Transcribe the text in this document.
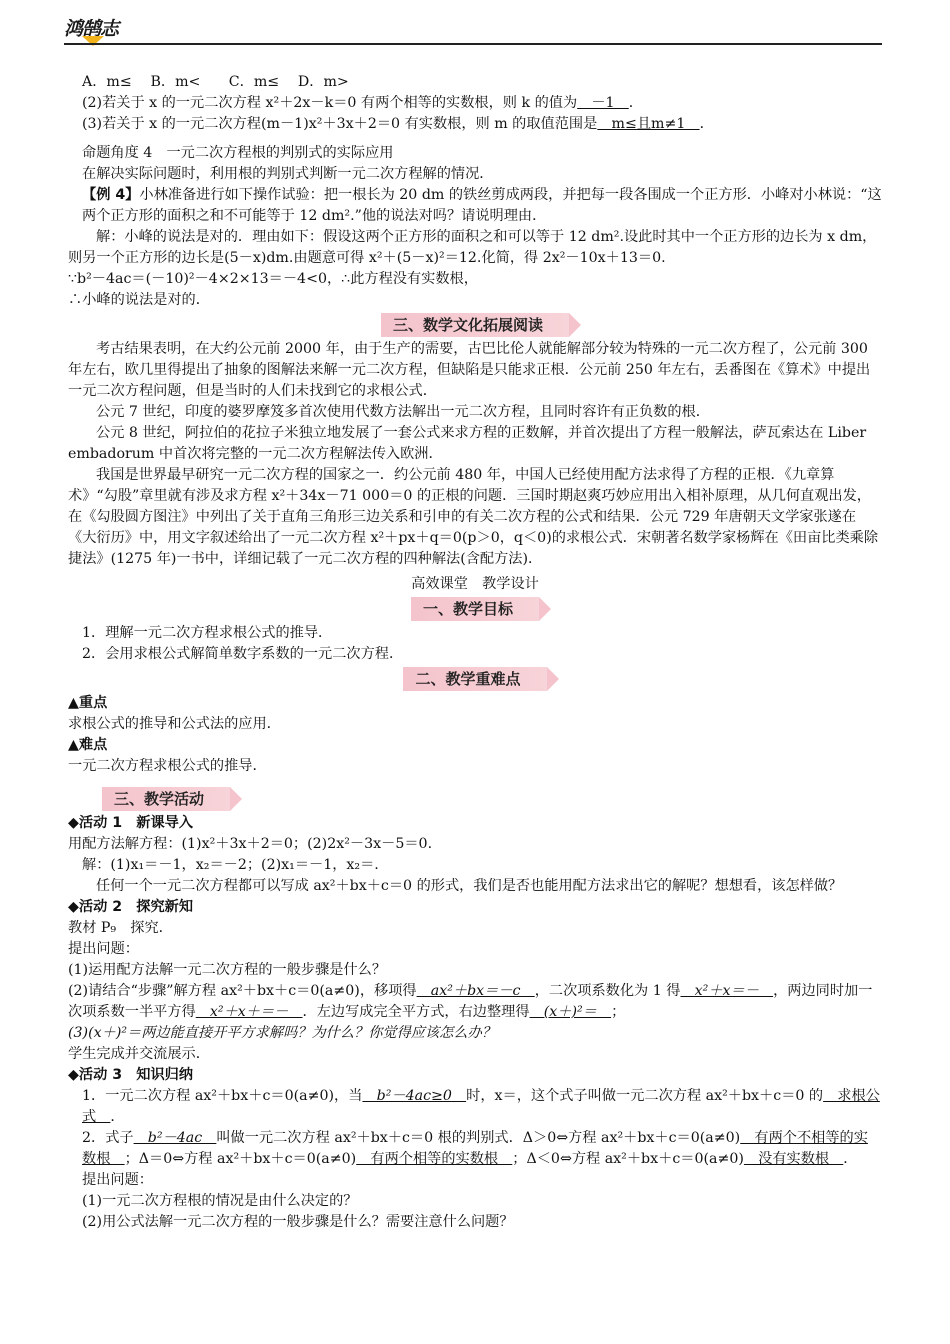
鸿鹄志

A．m≤　 B．m<　　C．m≤　 D．m>

(2)若关于 x 的一元二次方程 x²＋2x－k＝0 有两个相等的实数根，则 k 的值为　－1　．

(3)若关于 x 的一元二次方程(m－1)x²＋3x＋2＝0 有实数根，则 m 的取值范围是　m≤且m≠1　．

命题角度 4　一元二次方程根的判别式的实际应用

在解决实际问题时，利用根的判别式判断一元二次方程解的情况．

【例 4】小林准备进行如下操作试验：把一根长为 20 dm 的铁丝剪成两段，并把每一段各围成一个正方形．小峰对小林说：“这两个正方形的面积之和不可能等于 12 dm².”他的说法对吗？请说明理由．

解：小峰的说法是对的．理由如下：假设这两个正方形的面积之和可以等于 12 dm².设此时其中一个正方形的边长为 x dm，则另一个正方形的边长是(5－x)dm.由题意可得 x²＋(5－x)²＝12.化简，得 2x²－10x＋13＝0.

∵b²－4ac＝(－10)²－4×2×13＝－4<0，∴此方程没有实数根，

∴小峰的说法是对的．

三、数学文化拓展阅读

考古结果表明，在大约公元前 2000 年，由于生产的需要，古巴比伦人就能解部分较为特殊的一元二次方程了，公元前 300 年左右，欧几里得提出了抽象的图解法来解一元二次方程，但缺陷是只能求正根．公元前 250 年左右，丢番图在《算术》中提出一元二次方程问题，但是当时的人们未找到它的求根公式．

公元 7 世纪，印度的婆罗摩笈多首次使用代数方法解出一元二次方程，且同时容许有正负数的根．

公元 8 世纪，阿拉伯的花拉子米独立地发展了一套公式来求方程的正数解，并首次提出了方程一般解法，萨瓦索达在 Liber embadorum 中首次将完整的一元二次方程解法传入欧洲．

我国是世界最早研究一元二次方程的国家之一．约公元前 480 年，中国人已经使用配方法求得了方程的正根．《九章算术》“勾股”章里就有涉及求方程 x²＋34x－71 000＝0 的正根的问题．三国时期赵爽巧妙应用出入相补原理，从几何直观出发，在《勾股圆方图注》中列出了关于直角三角形三边关系和引申的有关二次方程的公式和结果．公元 729 年唐朝天文学家张遂在《大衍历》中，用文字叙述给出了一元二次方程 x²＋px＋q＝0(p＞0，q＜0)的求根公式．宋朝著名数学家杨辉在《田亩比类乘除捷法》(1275 年)一书中，详细记载了一元二次方程的四种解法(含配方法)．

高效课堂　教学设计

一、教学目标

1．理解一元二次方程求根公式的推导．

2．会用求根公式解简单数字系数的一元二次方程．

二、教学重难点

▲重点

求根公式的推导和公式法的应用．

▲难点

一元二次方程求根公式的推导．

三、教学活动

◆活动 1　新课导入

用配方法解方程：(1)x²＋3x＋2＝0；(2)2x²－3x－5＝0.

解：(1)x₁＝－1，x₂＝－2；(2)x₁＝－1，x₂＝.

任何一个一元二次方程都可以写成 ax²＋bx＋c＝0 的形式，我们是否也能用配方法求出它的解呢？想想看，该怎样做？

◆活动 2　探究新知

教材 P₉　探究．

提出问题：

(1)运用配方法解一元二次方程的一般步骤是什么？

(2)请结合“步骤”解方程 ax²＋bx＋c＝0(a≠0)，移项得　ax²＋bx＝－c　，二次项系数化为 1 得　x²＋x＝－　，两边同时加一次项系数一半平方得　x²＋x＋＝－　．左边写成完全平方式，右边整理得　(x＋)²＝　；

(3)(x＋)²＝两边能直接开平方求解吗？为什么？你觉得应该怎么办？

学生完成并交流展示．

◆活动 3　知识归纳

1．一元二次方程 ax²＋bx＋c＝0(a≠0)，当　b²－4ac≥0　时，x＝，这个式子叫做一元二次方程 ax²＋bx＋c＝0 的　求根公式　．

2．式子　b²－4ac　叫做一元二次方程 ax²＋bx＋c＝0 根的判别式．Δ＞0⇔方程 ax²＋bx＋c＝0(a≠0)　有两个不相等的实数根　；Δ＝0⇔方程 ax²＋bx＋c＝0(a≠0)　有两个相等的实数根　；Δ＜0⇔方程 ax²＋bx＋c＝0(a≠0)　没有实数根　．

提出问题：

(1)一元二次方程根的情况是由什么决定的？

(2)用公式法解一元二次方程的一般步骤是什么？需要注意什么问题？
